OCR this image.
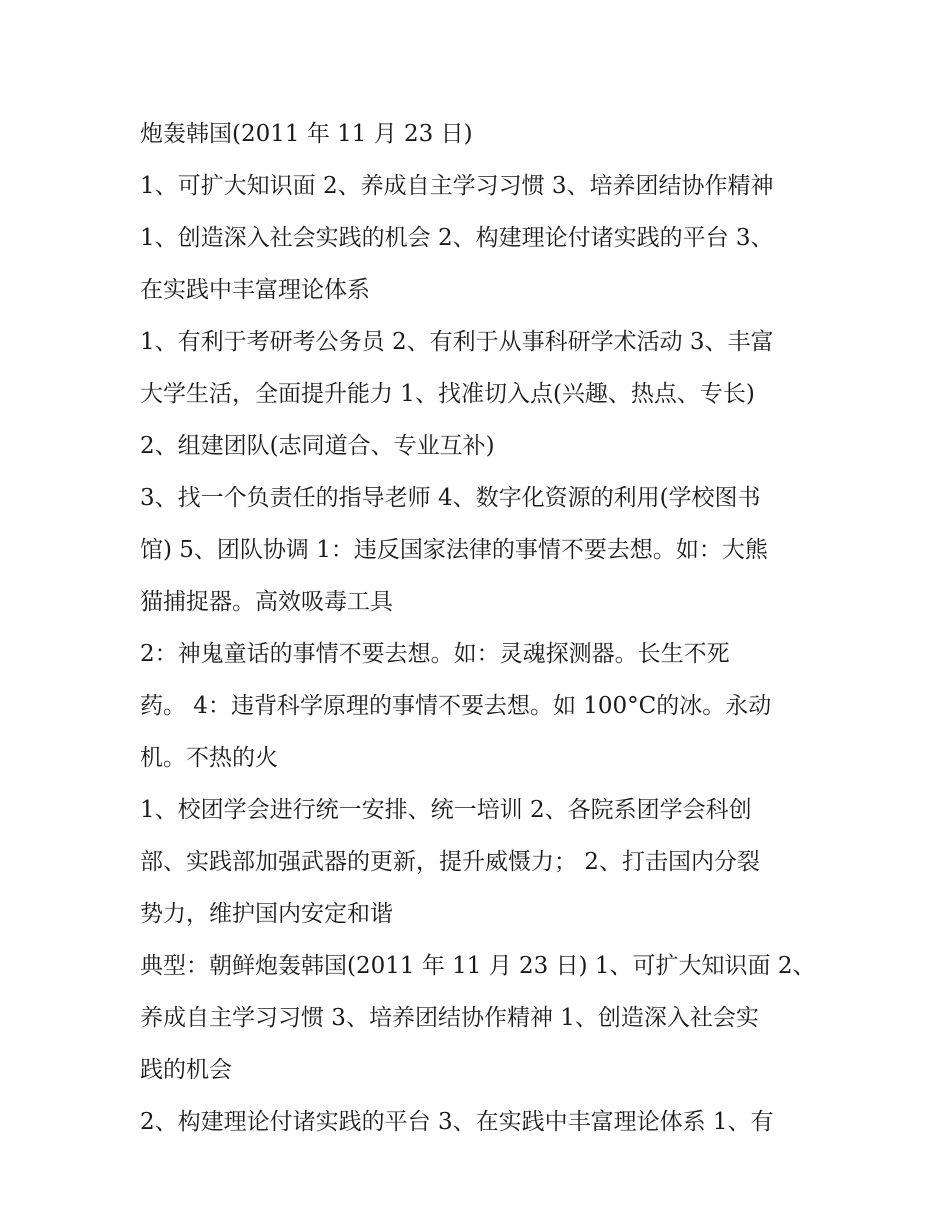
炮轰韩国(2011 年 11 月 23 日)
1、可扩大知识面 2、养成自主学习习惯 3、培养团结协作精神
1、创造深入社会实践的机会 2、构建理论付诸实践的平台 3、
在实践中丰富理论体系
1、有利于考研考公务员 2、有利于从事科研学术活动 3、丰富
大学生活，全面提升能力 1、找准切入点(兴趣、热点、专长)
2、组建团队(志同道合、专业互补)
3、找一个负责任的指导老师 4、数字化资源的利用(学校图书
馆) 5、团队协调 1：违反国家法律的事情不要去想。如：大熊
猫捕捉器。高效吸毒工具
2：神鬼童话的事情不要去想。如：灵魂探测器。长生不死
药。 4：违背科学原理的事情不要去想。如 100°C的冰。永动
机。不热的火
1、校团学会进行统一安排、统一培训 2、各院系团学会科创
部、实践部加强武器的更新，提升威慑力； 2、打击国内分裂
势力，维护国内安定和谐
典型：朝鲜炮轰韩国(2011 年 11 月 23 日) 1、可扩大知识面 2、
养成自主学习习惯 3、培养团结协作精神 1、创造深入社会实
践的机会
2、构建理论付诸实践的平台 3、在实践中丰富理论体系 1、有
